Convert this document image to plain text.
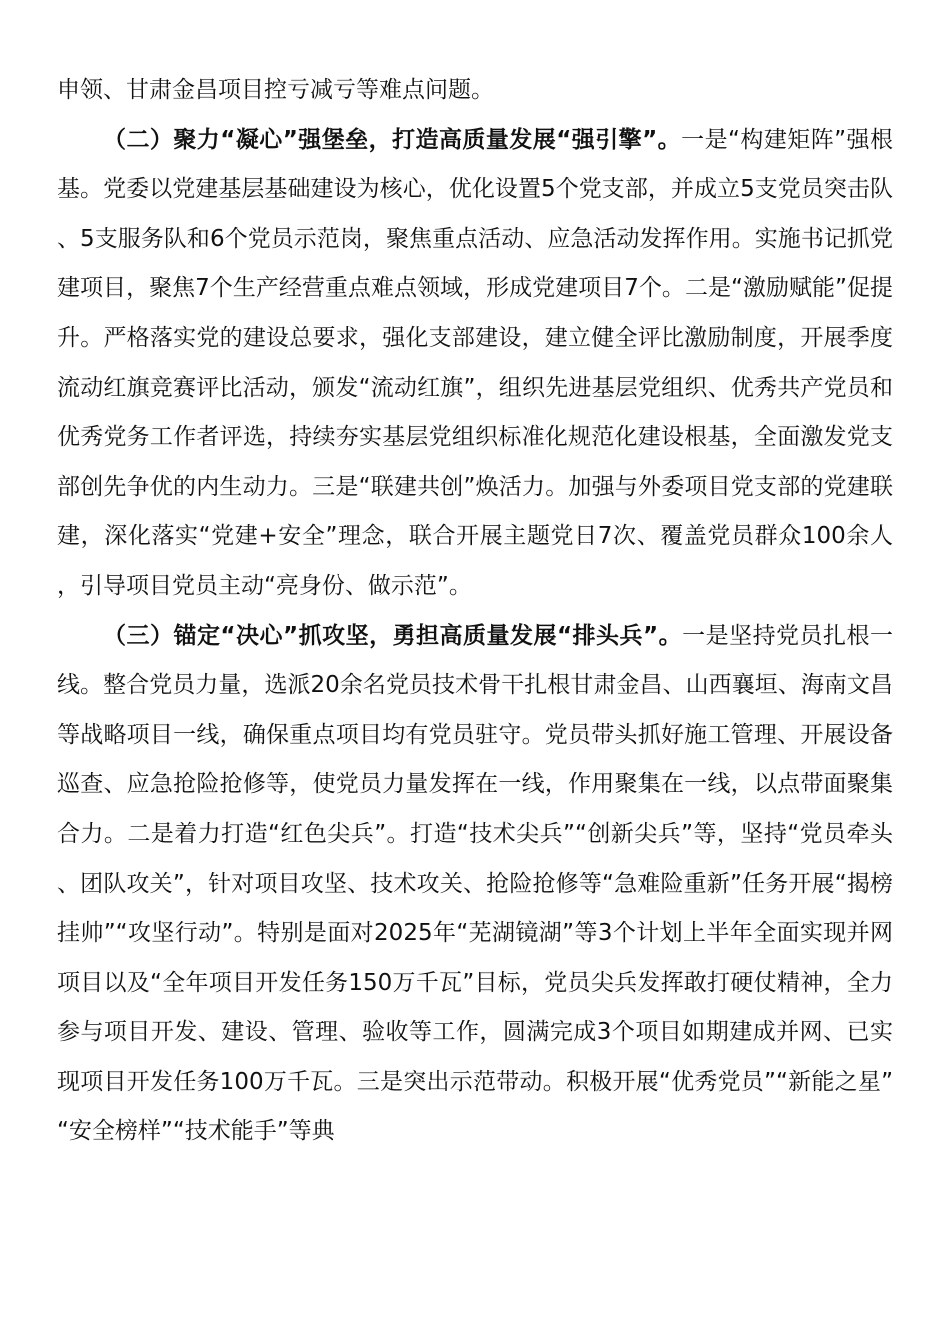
申领、甘肃金昌项目控亏减亏等难点问题。

（二）聚力“凝心”强堡垒，打造高质量发展“强引擎”。一是“构建矩阵”强根基。党委以党建基层基础建设为核心，优化设置5个党支部，并成立5支党员突击队、5支服务队和6个党员示范岗，聚焦重点活动、应急活动发挥作用。实施书记抓党建项目，聚焦7个生产经营重点难点领域，形成党建项目7个。二是“激励赋能”促提升。严格落实党的建设总要求，强化支部建设，建立健全评比激励制度，开展季度流动红旗竞赛评比活动，颁发“流动红旗”，组织先进基层党组织、优秀共产党员和优秀党务工作者评选，持续夯实基层党组织标准化规范化建设根基，全面激发党支部创先争优的内生动力。三是“联建共创”焕活力。加强与外委项目党支部的党建联建，深化落实“党建+安全”理念，联合开展主题党日7次、覆盖党员群众100余人，引导项目党员主动“亮身份、做示范”。

（三）锚定“决心”抓攻坚，勇担高质量发展“排头兵”。一是坚持党员扎根一线。整合党员力量，选派20余名党员技术骨干扎根甘肃金昌、山西襄垣、海南文昌等战略项目一线，确保重点项目均有党员驻守。党员带头抓好施工管理、开展设备巡查、应急抢险抢修等，使党员力量发挥在一线，作用聚集在一线，以点带面聚集合力。二是着力打造“红色尖兵”。打造“技术尖兵”“创新尖兵”等，坚持“党员牵头、团队攻关”，针对项目攻坚、技术攻关、抢险抢修等“急难险重新”任务开展“揭榜挂帅”“攻坚行动”。特别是面对2025年“芜湖镜湖”等3个计划上半年全面实现并网项目以及“全年项目开发任务150万千瓦”目标，党员尖兵发挥敢打硬仗精神，全力参与项目开发、建设、管理、验收等工作，圆满完成3个项目如期建成并网、已实现项目开发任务100万千瓦。三是突出示范带动。积极开展“优秀党员”“新能之星”“安全榜样”“技术能手”等典
